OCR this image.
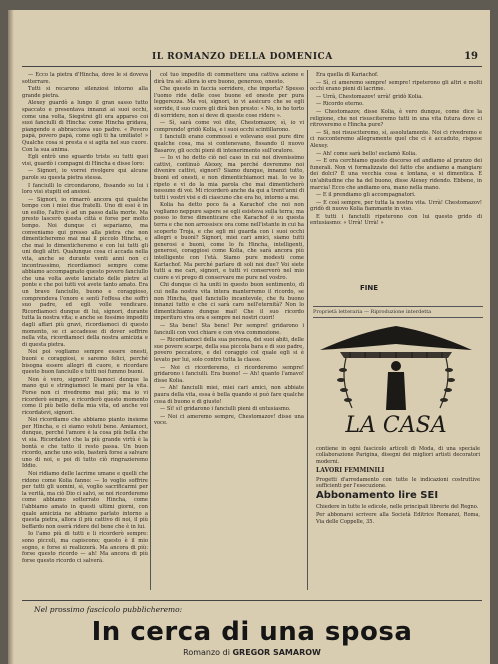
IL ROMANZO DELLA DOMENICA	19

— Ecco la pietra d'Hincha, dove le si doveva sotterrare.

Tutti si recarono silenziosi intorno alla grande pietra.

Alexey guardò a lungo il gran sasso tutto spaccato e presentava innanzi ai suoi occhi, come una volta, Siegstrei gli era apparso coi suoi fanciulli di Hincha: come Hincha gridava, piangendo e abbracciava suo padre. « Povero papà, povero papà, come egli ti ha umiliato! » Qualche cosa si presta e si agita nel suo cuore. Con la sua anima.

Egli entrò uno sguardo triste su tutti quei visi, guardò i compagni di Hincha e disse loro:

— Signori, io vorrei rivolgere qui alcune parole su questa pietra stessa.

I fanciulli lo circondarono, fissando su lui i loro visi stupiti ed ansiosi.

— Signori, io rimarrò ancora qui qualche tempo con i miei due fratelli. Uno di essi è in un esilio, l'altro è ad un passo dalla morte. Ma presto lascerò questa città e forse per molto tempo. Noi dunque ci separiamo, ma conveniamo qui presso alla pietra che non dimenticheremo mai mai il piccolo Hincha, e che mai lo dimenticheremo e con lui tutti gli uni degli altri. Qualunque cosa ci accada nella vita, anche se durante venti anni non ci incontrassimo, ricordiamoci sempre come abbiamo accompagnato questo povero fanciullo che una volta avete lanciato delle pietre al ponte e che poi tutti voi avete tanto amato. Era un bravo fanciullo, buono e coraggioso, comprendeva l'onore e sentì l'offesa che soffrì suo padre, ed egli volle vendicare. Ricordiamoci dunque di lui, signori, durante tutta la nostra vita; e anche se fossimo impediti dagli affari più gravi, ricordiamoci di questo momento, se ci accadesse di dover soffrire nella vita, ricordiamoci della nostra amicizia e di questa pietra.

Noi poi vogliamo sempre essere onesti, buoni e coraggiosi, e saremo felici, perché bisogna essere allegri di cuore, e ricordare questo buon fanciullo e tutti noi fummo buoni.

Non è vero, signori? Diamoci dunque la mano qui e stringiamoci le mani per la vita. Forse non ci rivedremo mai più; ma io vi ricorderò sempre, e ricorderò questo momento come il più bello della mia vita, ed anche voi ricordatevi, signori.

Noi ricordiamo che abbiamo pianto insieme per Hincha, e ci siamo voluti bene. Amiamoci, dunque, perché l'amore è la cosa più bella che vi sia. Ricordatevi che la più grande virtù è la bontà e che tutto il resto passa. Un buon ricordo, anche uno solo, basterà forse a salvare uno di noi, e poi di tutto ciò ringrazieremo Iddio.

Noi ridiamo delle lacrime umane e quelli che ridono come Kolia fanno: — Io voglio soffrire per tutti gli uomini, sì, voglio sacrificarmi per la verità, ma ciò Dio ci salvi, se noi ricorderemo come abbiamo sotterrato Hincha, come l'abbiamo amato in questi ultimi giorni, con quale amicizia ne abbiamo parlato intorno a questa pietra, allora il più cattivo di noi, il più beffardo non oserà ridere del bene che è in lui.

Io l'amo più di tutti e li ricorderò sempre: sono piccoli, ma capiscono; questo è il mio sogno, e forse si realizzerà. Ma ancora di più: forse questo ricordo — ah! Ma ancora di più forse questo ricordo ci salverà.

col tuo impedito di commettere una cattiva azione e dirà tra sé: allora io ero buono, generoso, onesto.

Che questo in faccia sorridere, che importa? Spesso l'uomo ride delle cose buone ed oneste per pura leggerezza. Ma voi, signori, io vi assicuro che se egli sorride, il suo cuore gli dirà ben presto: « No, io ho torto di sorridere, non si deve di queste cose ridere ».

— Sì, sarà come voi dite, Chestomazov, sì, io vi comprendo! gridò Kolia, e i suoi occhi scintillarono.

I fanciulli erano commossi e volevano essi pure dire qualche cosa, ma si contenevano, fissando il nuovo Basarov, gli occhi pieni di intenerimento sull'oratore.

— Io vi ho detto ciò nel caso in cui noi divenissimo cattivi, continuò Alexey, ma perché dovremmo noi divenire cattivi, signori? Siamo dunque, innanzi tutto, buoni ed onesti, e non dimentichiamoci mai. Io ve lo ripeto e vi do la mia parola che mai dimenticherò nessuno di voi. Mi ricorderò anche da qui a trent'anni di tutti i vostri visi e di ciascuno che era ho, intorno a me.

Kolia ha detto poco fa a Karachof che noi non vogliamo neppure sapere se egli esisteva sulla terra; ma posso io forse dimenticare che Karachof è su questa terra e che non arrossisce ora come nell'istante in cui ha scoperto Troja, e che egli mi guarda con i suoi occhi allegri e buoni? Signori, miei cari amici, siamo tutti generosi e buoni, come lo fu Hincha, intelligenti, generosi, coraggiosi come Kolia, che sarà ancora più intelligente con l'età. Siamo pure modesti come Kartachof. Ma perché parlare di soli noi due? Voi siete tutti a me cari, signori, e tutti vi conserverò nel mio cuore e vi prego di conservare me pure nel vostro.

Chi dunque ci ha uniti in questo buon sentimento, di cui nella nostra vita intera manterremo il ricordo, se non Hincha, quel fanciullo incantevole, che fu buono innanzi tutto e che ci sarà caro nell'eternità? Non lo dimentichiamo dunque mai! Che il suo ricordo imperituro viva ora e sempre nei nostri cuori!

— Sta bene! Sta bene! Per sempre! gridarono i fanciulli con voci chiare e con viva commozione.

— Ricordiamoci della sua persona, dei suoi abiti, delle sue povere scarpe, della sua piccola bara e di suo padre, povero peccatore, e del coraggio col quale egli si è levato per lui, solo contro tutta la classe.

— Noi ci ricorderemo, ci ricorderemo sempre! gridarono i fanciulli. Era buono! — Ah! quanto l'amavo! disse Kolia.

— Ah! fanciulli miei, miei cari amici, non abbiate paura della vita, essa è bella quando si può fare qualche cosa di buono e di giusto!

— Sì! sì! gridarono i fanciulli pieni di entusiasmo.

— Noi ci ameremo sempre, Chestomazov! disse una voce.

Era quella di Kariachof.

— Sì, ci ameremo sempre! sempre! ripeterono gli altri e molti occhi erano pieni di lacrime.

— Urrà, Chestomazov! urrà! gridò Kolia.

— Ricordo eterno.

— Chestomazov, disse Kolia, è vero dunque, come dice la religione, che noi risusciteremo tutti in una vita futura dove ci ritroveremo e Hincha pure?

— Sì, noi risusciteremo, sì, assolutamente. Noi ci rivedremo e ci racconteremo allegramente quel che ci è accaduto, rispose Alexey.

— Ah! come sarà bello! esclamò Kolia.

— E ora cerchiamo questo discorso ed andiamo al pranzo dei funerali. Non vi formalizzate del fatto che andiamo a mangiare dei dolci? È una vecchia cosa e lontana, e si dimentica. È un'abitudine che ha del buono, disse Alexey ridendo. Ebbene, in marcia! Ecco che andiamo ora, mano nella mano.

— E il prendiamo gli accompagnatori.

— E così sempre, per tutta la nostra vita. Urrà! Chestomazov! gridò di nuovo Kolia fiammante in viso.

E tutti i fanciulli ripeterono con lui questo grido di entusiasmo: « Urrà! Urrà! »

FINE
Proprietà letteraria — Riproduzione interdetta
LA CASA

contiene in ogni fascicolo articoli di Moda, di una speciale collaborazione Parigina, disegni dei migliori artisti decoratori moderni.

LAVORI FEMMINILI

Progetti d'arredamento con tutte le indicazioni costruttive sufficienti per l'esecuzione.

Abbonamento lire SEI

Chiedere in tutte le edicole, nelle principali librerie del Regno.

Per abbonarsi scrivere alla Società Editrice Romanzi, Roma, Via delle Coppelle, 35.

Nel prossimo fascicolo pubblicheremo:
In cerca di una sposa
Romanzo di GREGOR SAMAROW
